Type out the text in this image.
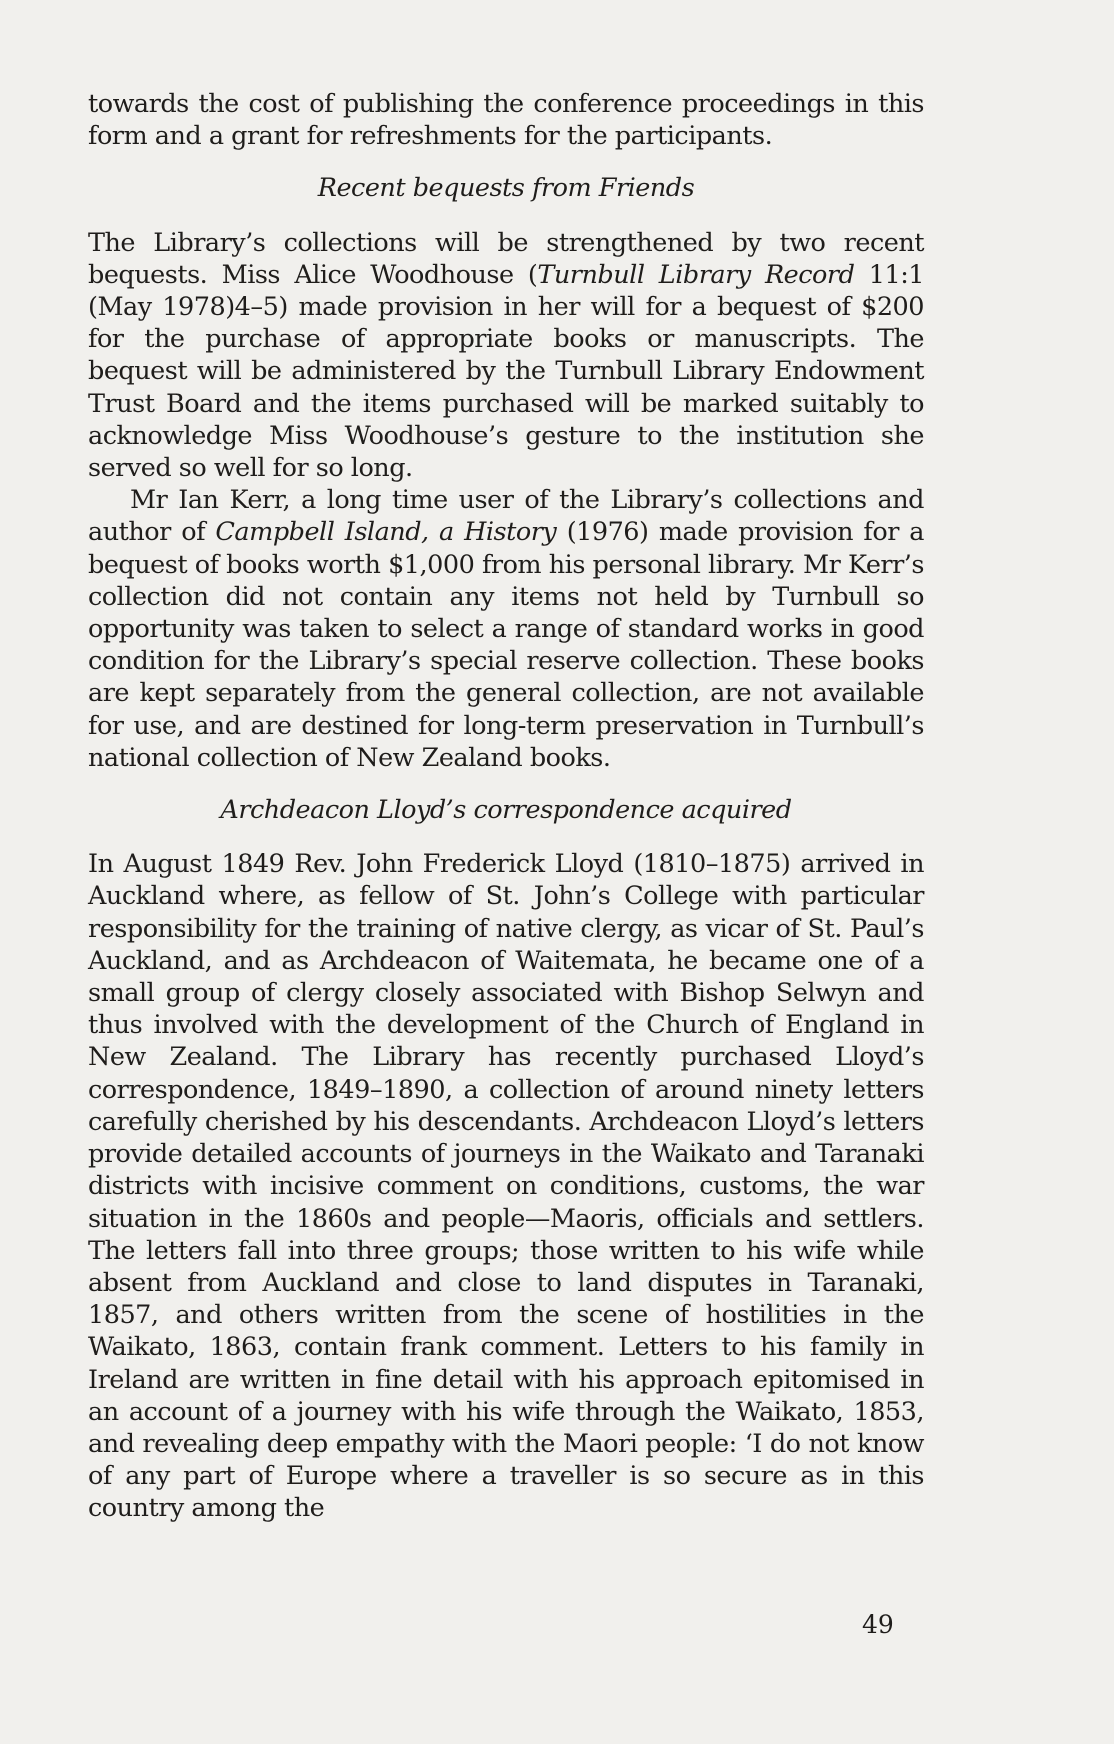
towards the cost of publishing the conference proceedings in this form and a grant for refreshments for the participants.

Recent bequests from Friends

The Library’s collections will be strengthened by two recent bequests. Miss Alice Woodhouse (Turnbull Library Record 11:1 (May 1978)4–5) made provision in her will for a bequest of $200 for the purchase of appropriate books or manuscripts. The bequest will be administered by the Turnbull Library Endowment Trust Board and the items purchased will be marked suitably to acknowledge Miss Woodhouse’s gesture to the institution she served so well for so long.

Mr Ian Kerr, a long time user of the Library’s collections and author of Campbell Island, a History (1976) made provision for a bequest of books worth $1,000 from his personal library. Mr Kerr’s collection did not contain any items not held by Turnbull so opportunity was taken to select a range of standard works in good condition for the Library’s special reserve collection. These books are kept separately from the general collection, are not available for use, and are destined for long-term preservation in Turnbull’s national collection of New Zealand books.

Archdeacon Lloyd’s correspondence acquired

In August 1849 Rev. John Frederick Lloyd (1810–1875) arrived in Auckland where, as fellow of St. John’s College with particular responsibility for the training of native clergy, as vicar of St. Paul’s Auckland, and as Archdeacon of Waitemata, he became one of a small group of clergy closely associated with Bishop Selwyn and thus involved with the development of the Church of England in New Zealand. The Library has recently purchased Lloyd’s correspondence, 1849–1890, a collection of around ninety letters carefully cherished by his descendants. Archdeacon Lloyd’s letters provide detailed accounts of journeys in the Waikato and Taranaki districts with incisive comment on conditions, customs, the war situation in the 1860s and people—Maoris, officials and settlers. The letters fall into three groups; those written to his wife while absent from Auckland and close to land disputes in Taranaki, 1857, and others written from the scene of hostilities in the Waikato, 1863, contain frank comment. Letters to his family in Ireland are written in fine detail with his approach epitomised in an account of a journey with his wife through the Waikato, 1853, and revealing deep empathy with the Maori people: ‘I do not know of any part of Europe where a traveller is so secure as in this country among the

49
